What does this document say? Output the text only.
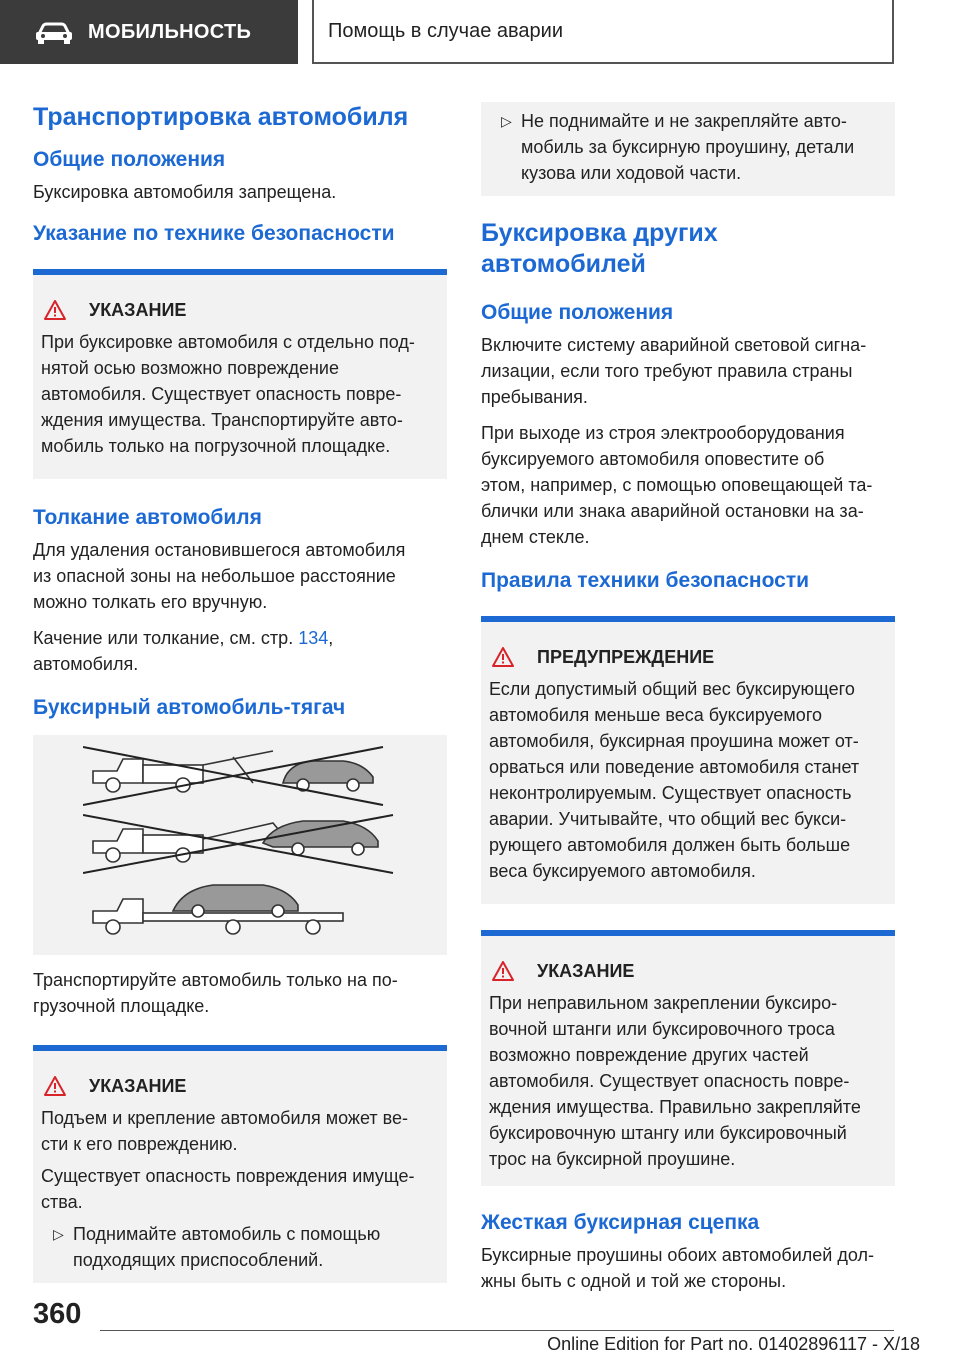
МОБИЛЬНОСТЬ	Помощь в случае аварии
Транспортировка автомобиля
Общие положения
Буксировка автомобиля запрещена.
Указание по технике безопасности
УКАЗАНИЕ
При буксировке автомобиля с отдельно под-
нятой осью возможно повреждение
автомобиля. Существует опасность повре-
ждения имущества. Транспортируйте авто-
мобиль только на погрузочной площадке.
Толкание автомобиля
Для удаления остановившегося автомобиля
из опасной зоны на небольшое расстояние
можно толкать его вручную.
Качение или толкание, см. стр. 134,
автомобиля.
Буксирный автомобиль-тягач
Транспортируйте автомобиль только на по-
грузочной площадке.
УКАЗАНИЕ
Подъем и крепление автомобиля может ве-
сти к его повреждению.
Существует опасность повреждения имуще-
ства.
▷ Поднимайте автомобиль с помощью
подходящих приспособлений.
▷ Не поднимайте и не закрепляйте авто-
мобиль за буксирную проушину, детали
кузова или ходовой части.
Буксировка других
автомобилей
Общие положения
Включите систему аварийной световой сигна-
лизации, если того требуют правила страны
пребывания.
При выходе из строя электрооборудования
буксируемого автомобиля оповестите об
этом, например, с помощью оповещающей та-
блички или знака аварийной остановки на за-
днем стекле.
Правила техники безопасности
ПРЕДУПРЕЖДЕНИЕ
Если допустимый общий вес буксирующего
автомобиля меньше веса буксируемого
автомобиля, буксирная проушина может от-
орваться или поведение автомобиля станет
неконтролируемым. Существует опасность
аварии. Учитывайте, что общий вес букси-
рующего автомобиля должен быть больше
веса буксируемого автомобиля.
УКАЗАНИЕ
При неправильном закреплении буксиро-
вочной штанги или буксировочного троса
возможно повреждение других частей
автомобиля. Существует опасность повре-
ждения имущества. Правильно закрепляйте
буксировочную штангу или буксировочный
трос на буксирной проушине.
Жесткая буксирная сцепка
Буксирные проушины обоих автомобилей дол-
жны быть с одной и той же стороны.
360
Online Edition for Part no. 01402896117 - X/18
